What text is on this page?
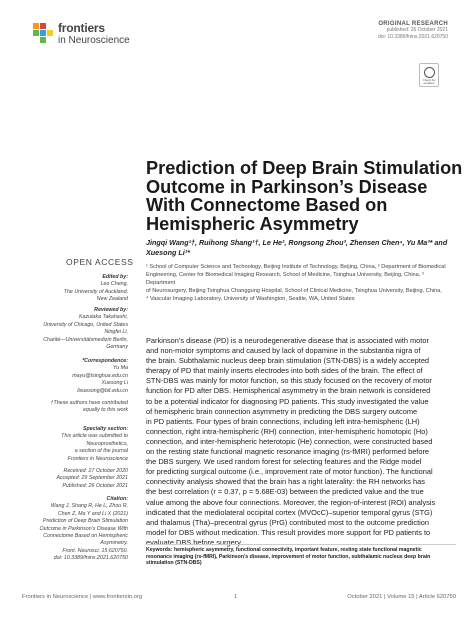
frontiers
in Neuroscience
ORIGINAL RESEARCH
published: 26 October 2021
doi: 10.3389/fnins.2021.620750
Check for
updates
Prediction of Deep Brain Stimulation
Outcome in Parkinson’s Disease
With Connectome Based on
Hemispheric Asymmetry
Jingqi Wang¹†, Ruihong Shang¹†, Le He², Rongsong Zhou³, Zhensen Chen⁴, Yu Ma³* and
Xuesong Li¹*
¹ School of Computer Science and Technology, Beijing Institute of Technology, Beijing, China, ² Department of Biomedical
Engineering, Center for Biomedical Imaging Research, School of Medicine, Tsinghua University, Beijing, China, ³ Department
of Neurosurgery, Beijing Tsinghua Changgung Hospital, School of Clinical Medicine, Tsinghua University, Beijing, China,
⁴ Vascular Imaging Laboratory, University of Washington, Seattle, WA, United States
OPEN ACCESS
Edited by:
Leo Cheng,
The University of Auckland,
New Zealand
Reviewed by:
Kazutaka Takahashi,
University of Chicago, United States
Ningfei Li,
Charité—Universitätsmedizin Berlin,
Germany
*Correspondence:
Yu Ma
mayu@tsinghua.edu.cn
Xuesong Li
lixuesong@bit.edu.cn
†These authors have contributed
equally to this work
Specialty section:
This article was submitted to
Neuroprosthetics,
a section of the journal
Frontiers in Neuroscience
Received: 27 October 2020
Accepted: 29 September 2021
Published: 26 October 2021
Citation:
Wang J, Shang R, He L, Zhou R,
Chen Z, Ma Y and Li X (2021)
Prediction of Deep Brain Stimulation
Outcome in Parkinson’s Disease With
Connectome Based on Hemispheric
Asymmetry.
Front. Neurosci. 15:620750.
doi: 10.3389/fnins.2021.620750
Parkinson’s disease (PD) is a neurodegenerative disease that is associated with motor
and non-motor symptoms and caused by lack of dopamine in the substantia nigra of
the brain. Subthalamic nucleus deep brain stimulation (STN-DBS) is a widely accepted
therapy of PD that mainly inserts electrodes into both sides of the brain. The effect of
STN-DBS was mainly for motor function, so this study focused on the recovery of motor
function for PD after DBS. Hemispherical asymmetry in the brain network is considered
to be a potential indicator for diagnosing PD patients. This study investigated the value
of hemispheric brain connection asymmetry in predicting the DBS surgery outcome
in PD patients. Four types of brain connections, including left intra-hemispheric (LH)
connection, right intra-hemispheric (RH) connection, inter-hemispheric homotopic (Ho)
connection, and inter-hemispheric heterotopic (He) connection, were constructed based
on the resting state functional magnetic resonance imaging (rs-fMRI) performed before
the DBS surgery. We used random forest for selecting features and the Ridge model
for predicting surgical outcome (i.e., improvement rate of motor function). The functional
connectivity analysis showed that the brain has a right laterality: the RH networks has
the best correlation (r = 0.37, p = 5.68E-03) between the predicted value and the true
value among the above four connections. Moreover, the region-of-interest (ROI) analysis
indicated that the mediolateral occipital cortex (MVOcC)–superior temporal gyrus (STG)
and thalamus (Tha)–precentral gyrus (PrG) contributed most to the outcome prediction
model for DBS without medication. This result provides more support for PD patients to
evaluate DBS before surgery.
Keywords: hemispheric asymmetry, functional connectivity, important feature, resting state functional magnetic
resonance imaging (rs-fMRI), Parkinson’s disease, improvement of motor function, subthalamic nucleus deep brain
stimulation (STN-DBS)
Frontiers in Neuroscience | www.frontiersin.org	1	October 2021 | Volume 15 | Article 620750
